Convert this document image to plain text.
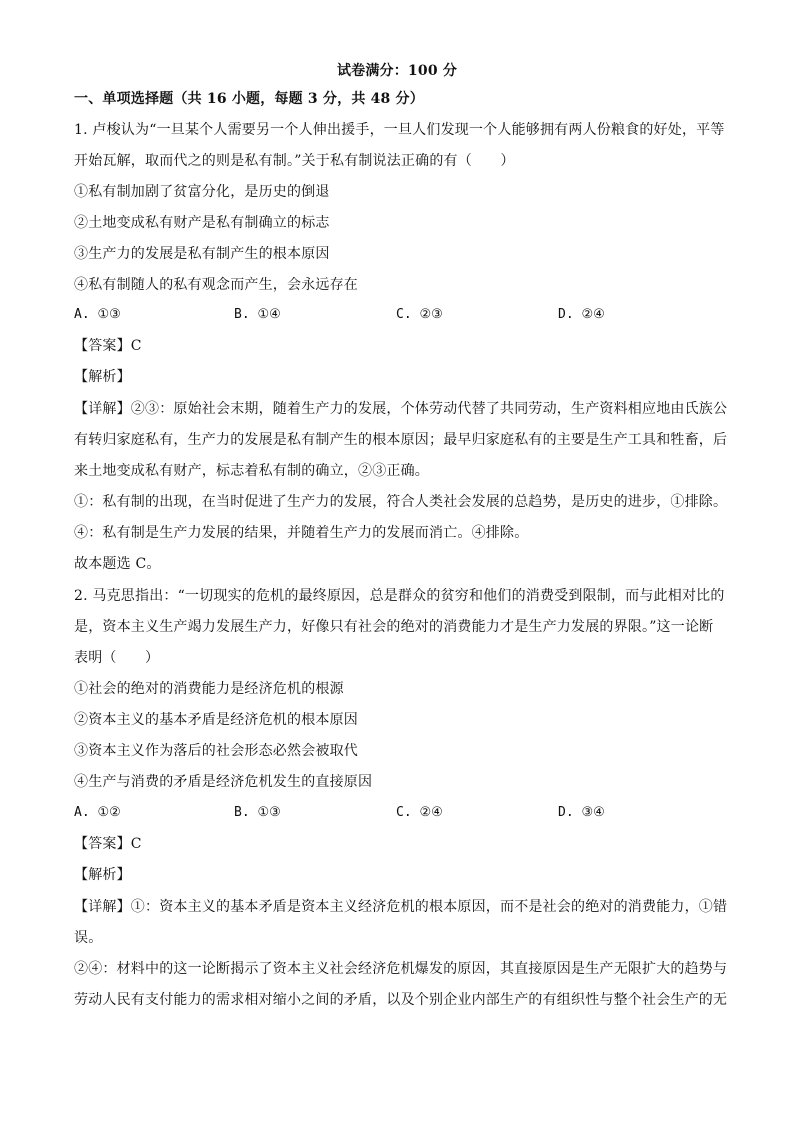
试卷满分：100 分
一、单项选择题（共 16 小题，每题 3 分，共 48 分）
1. 卢梭认为“一旦某个人需要另一个人伸出援手，一旦人们发现一个人能够拥有两人份粮食的好处，平等
开始瓦解，取而代之的则是私有制。”关于私有制说法正确的有（　　）
①私有制加剧了贫富分化，是历史的倒退
②土地变成私有财产是私有制确立的标志
③生产力的发展是私有制产生的根本原因
④私有制随人的私有观念而产生，会永远存在
A. ①③	B. ①④	C. ②③	D. ②④
【答案】C
【解析】
【详解】②③：原始社会末期，随着生产力的发展，个体劳动代替了共同劳动，生产资料相应地由氏族公
有转归家庭私有，生产力的发展是私有制产生的根本原因；最早归家庭私有的主要是生产工具和牲畜，后
来土地变成私有财产，标志着私有制的确立，②③正确。
①：私有制的出现，在当时促进了生产力的发展，符合人类社会发展的总趋势，是历史的进步，①排除。
④：私有制是生产力发展的结果，并随着生产力的发展而消亡。④排除。
故本题选 C。
2. 马克思指出：“一切现实的危机的最终原因，总是群众的贫穷和他们的消费受到限制，而与此相对比的
是，资本主义生产竭力发展生产力，好像只有社会的绝对的消费能力才是生产力发展的界限。”这一论断
表明（　　）
①社会的绝对的消费能力是经济危机的根源
②资本主义的基本矛盾是经济危机的根本原因
③资本主义作为落后的社会形态必然会被取代
④生产与消费的矛盾是经济危机发生的直接原因
A. ①②	B. ①③	C. ②④	D. ③④
【答案】C
【解析】
【详解】①：资本主义的基本矛盾是资本主义经济危机的根本原因，而不是社会的绝对的消费能力，①错
误。
②④：材料中的这一论断揭示了资本主义社会经济危机爆发的原因，其直接原因是生产无限扩大的趋势与
劳动人民有支付能力的需求相对缩小之间的矛盾，以及个别企业内部生产的有组织性与整个社会生产的无
